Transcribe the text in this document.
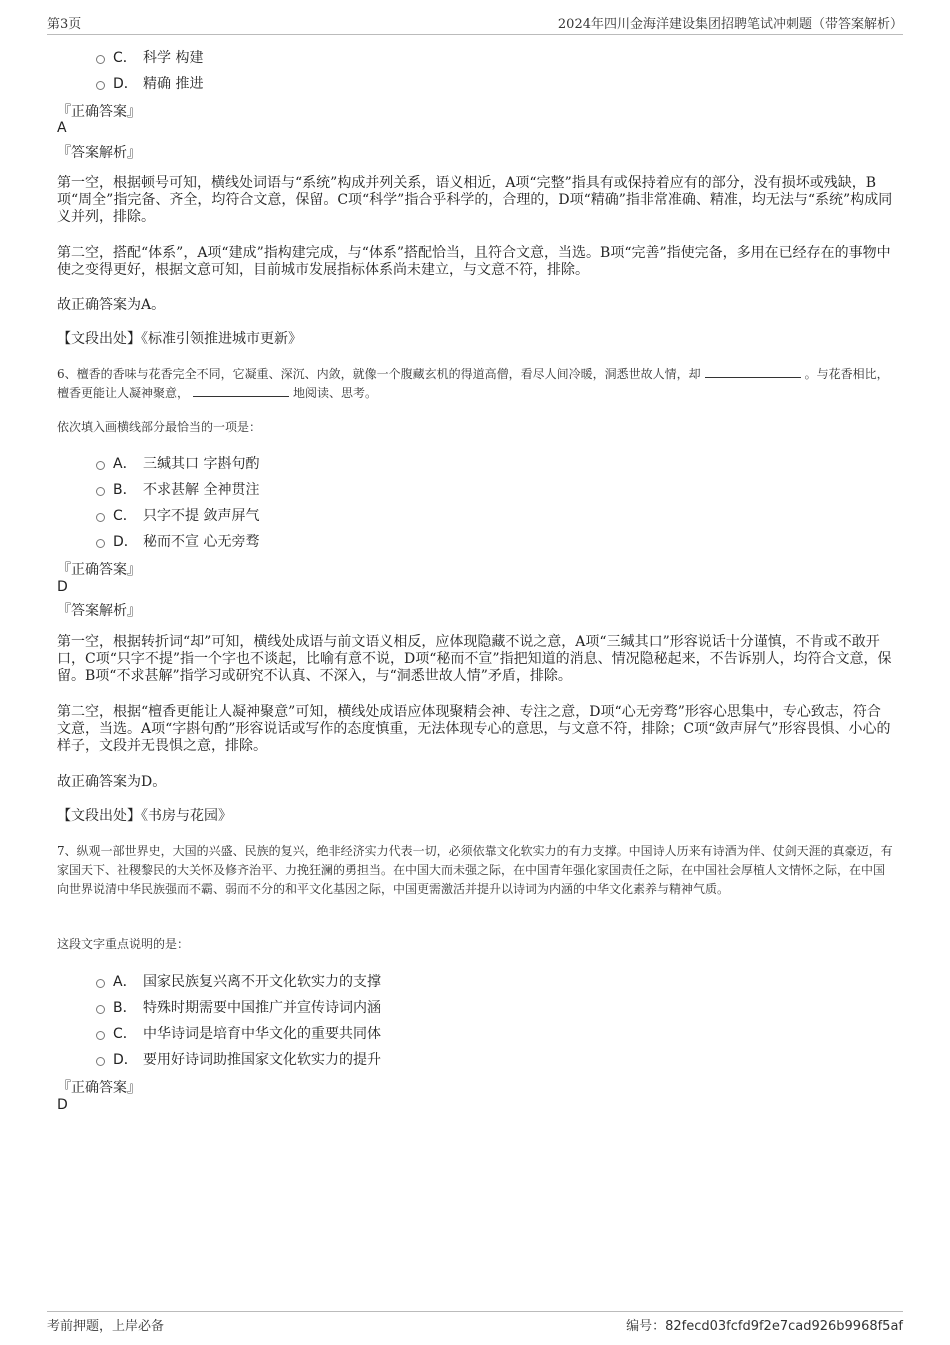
第3页	2024年四川金海洋建设集团招聘笔试冲刺题（带答案解析）
C． 科学 构建
D． 精确 推进
『正确答案』
A
『答案解析』
第一空，根据顿号可知，横线处词语与“系统”构成并列关系，语义相近，A项“完整”指具有或保持着应有的部分，没有损坏或残缺，B项“周全”指完备、齐全，均符合文意，保留。C项“科学”指合乎科学的，合理的，D项“精确”指非常准确、精准，均无法与“系统”构成同义并列，排除。
第二空，搭配“体系”，A项“建成”指构建完成，与“体系”搭配恰当，且符合文意，当选。B项“完善”指使完备，多用在已经存在的事物中使之变得更好，根据文意可知，目前城市发展指标体系尚未建立，与文意不符，排除。
故正确答案为A。
【文段出处】《标准引领推进城市更新》
6、檀香的香味与花香完全不同，它凝重、深沉、内敛，就像一个腹藏玄机的得道高僧，看尽人间冷暖，洞悉世故人情，却	。与花香相比，檀香更能让人凝神聚意，	地阅读、思考。
依次填入画横线部分最恰当的一项是：
A． 三缄其口 字斟句酌
B． 不求甚解 全神贯注
C． 只字不提 敛声屏气
D． 秘而不宣 心无旁骛
『正确答案』
D
『答案解析』
第一空，根据转折词“却”可知，横线处成语与前文语义相反，应体现隐藏不说之意，A项“三缄其口”形容说话十分谨慎，不肯或不敢开口，C项“只字不提”指一个字也不谈起，比喻有意不说，D项“秘而不宣”指把知道的消息、情况隐秘起来，不告诉别人，均符合文意，保留。B项“不求甚解”指学习或研究不认真、不深入，与“洞悉世故人情”矛盾，排除。
第二空，根据“檀香更能让人凝神聚意”可知，横线处成语应体现聚精会神、专注之意，D项“心无旁骛”形容心思集中，专心致志，符合文意，当选。A项“字斟句酌”形容说话或写作的态度慎重，无法体现专心的意思，与文意不符，排除；C项“敛声屏气”形容畏惧、小心的样子，文段并无畏惧之意，排除。
故正确答案为D。
【文段出处】《书房与花园》
7、纵观一部世界史，大国的兴盛、民族的复兴，绝非经济实力代表一切，必须依靠文化软实力的有力支撑。中国诗人历来有诗酒为伴、仗剑天涯的真豪迈，有家国天下、社稷黎民的大关怀及修齐治平、力挽狂澜的勇担当。在中国大而未强之际，在中国青年强化家国责任之际，在中国社会厚植人文情怀之际，在中国向世界说清中华民族强而不霸、弱而不分的和平文化基因之际，中国更需激活并提升以诗词为内涵的中华文化素养与精神气质。
这段文字重点说明的是：
A． 国家民族复兴离不开文化软实力的支撑
B． 特殊时期需要中国推广并宣传诗词内涵
C． 中华诗词是培育中华文化的重要共同体
D． 要用好诗词助推国家文化软实力的提升
『正确答案』
D
考前押题，上岸必备	编号：82fecd03fcfd9f2e7cad926b9968f5af
